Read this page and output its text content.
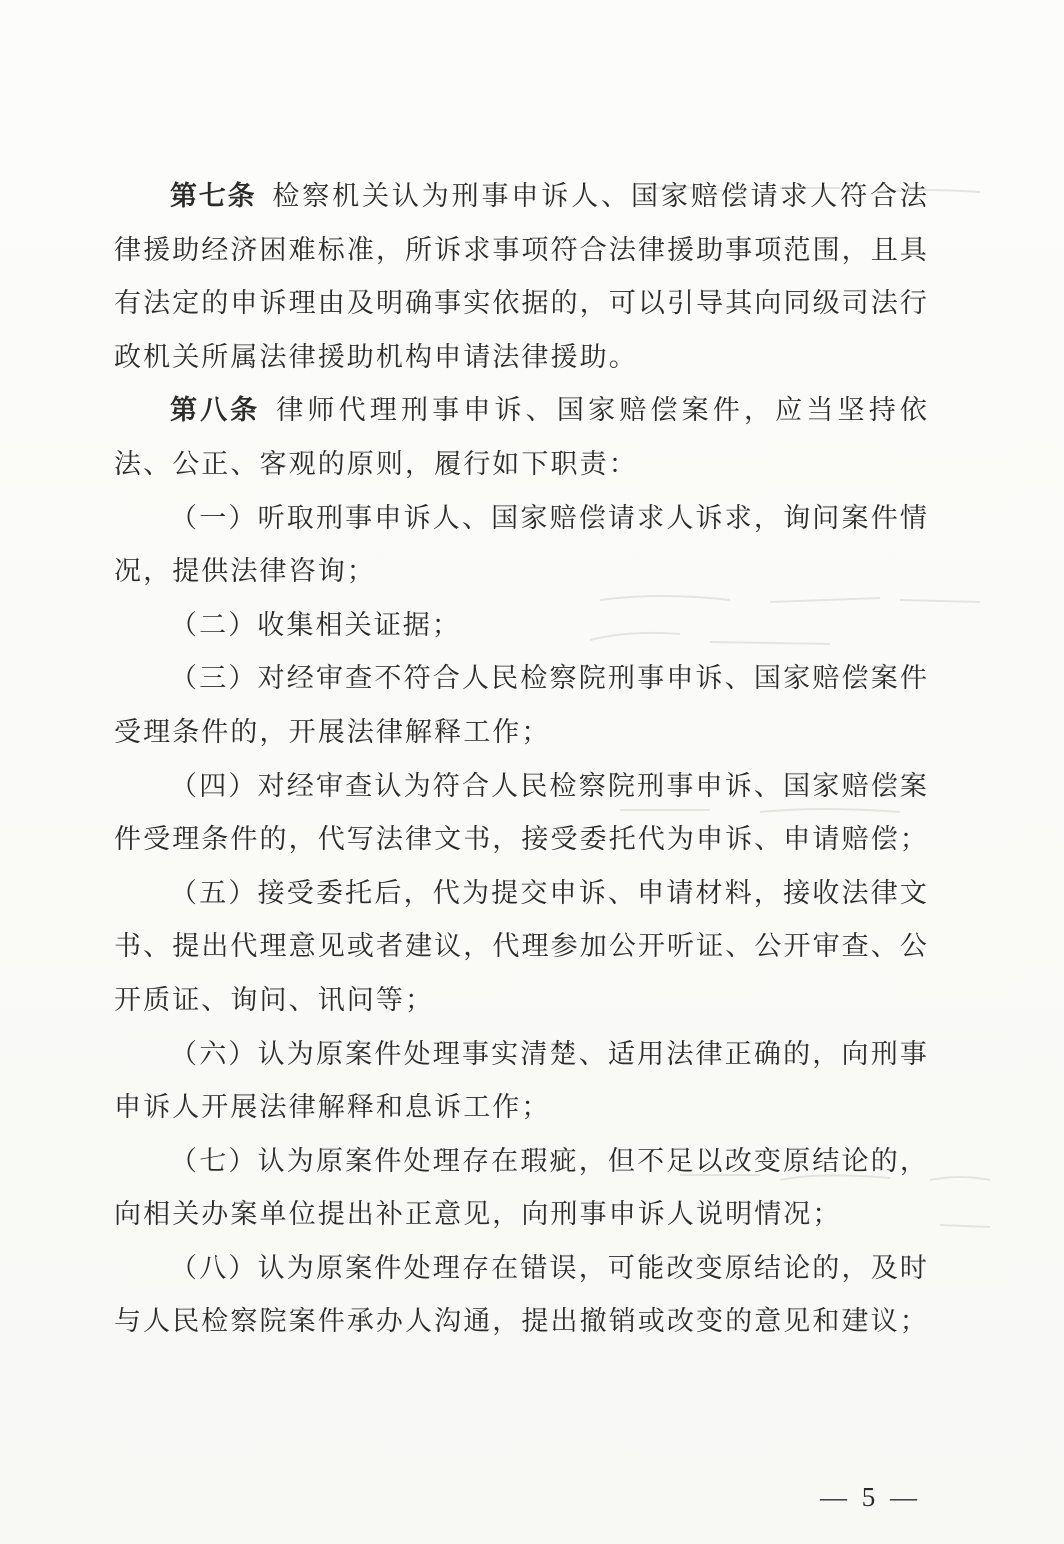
第七条 检察机关认为刑事申诉人、国家赔偿请求人符合法律援助经济困难标准，所诉求事项符合法律援助事项范围，且具有法定的申诉理由及明确事实依据的，可以引导其向同级司法行政机关所属法律援助机构申请法律援助。

第八条 律师代理刑事申诉、国家赔偿案件，应当坚持依法、公正、客观的原则，履行如下职责：

（一）听取刑事申诉人、国家赔偿请求人诉求，询问案件情况，提供法律咨询；

（二）收集相关证据；

（三）对经审查不符合人民检察院刑事申诉、国家赔偿案件受理条件的，开展法律解释工作；

（四）对经审查认为符合人民检察院刑事申诉、国家赔偿案件受理条件的，代写法律文书，接受委托代为申诉、申请赔偿；

（五）接受委托后，代为提交申诉、申请材料，接收法律文书、提出代理意见或者建议，代理参加公开听证、公开审查、公开质证、询问、讯问等；

（六）认为原案件处理事实清楚、适用法律正确的，向刑事申诉人开展法律解释和息诉工作；

（七）认为原案件处理存在瑕疵，但不足以改变原结论的，向相关办案单位提出补正意见，向刑事申诉人说明情况；

（八）认为原案件处理存在错误，可能改变原结论的，及时与人民检察院案件承办人沟通，提出撤销或改变的意见和建议；

— 5 —
